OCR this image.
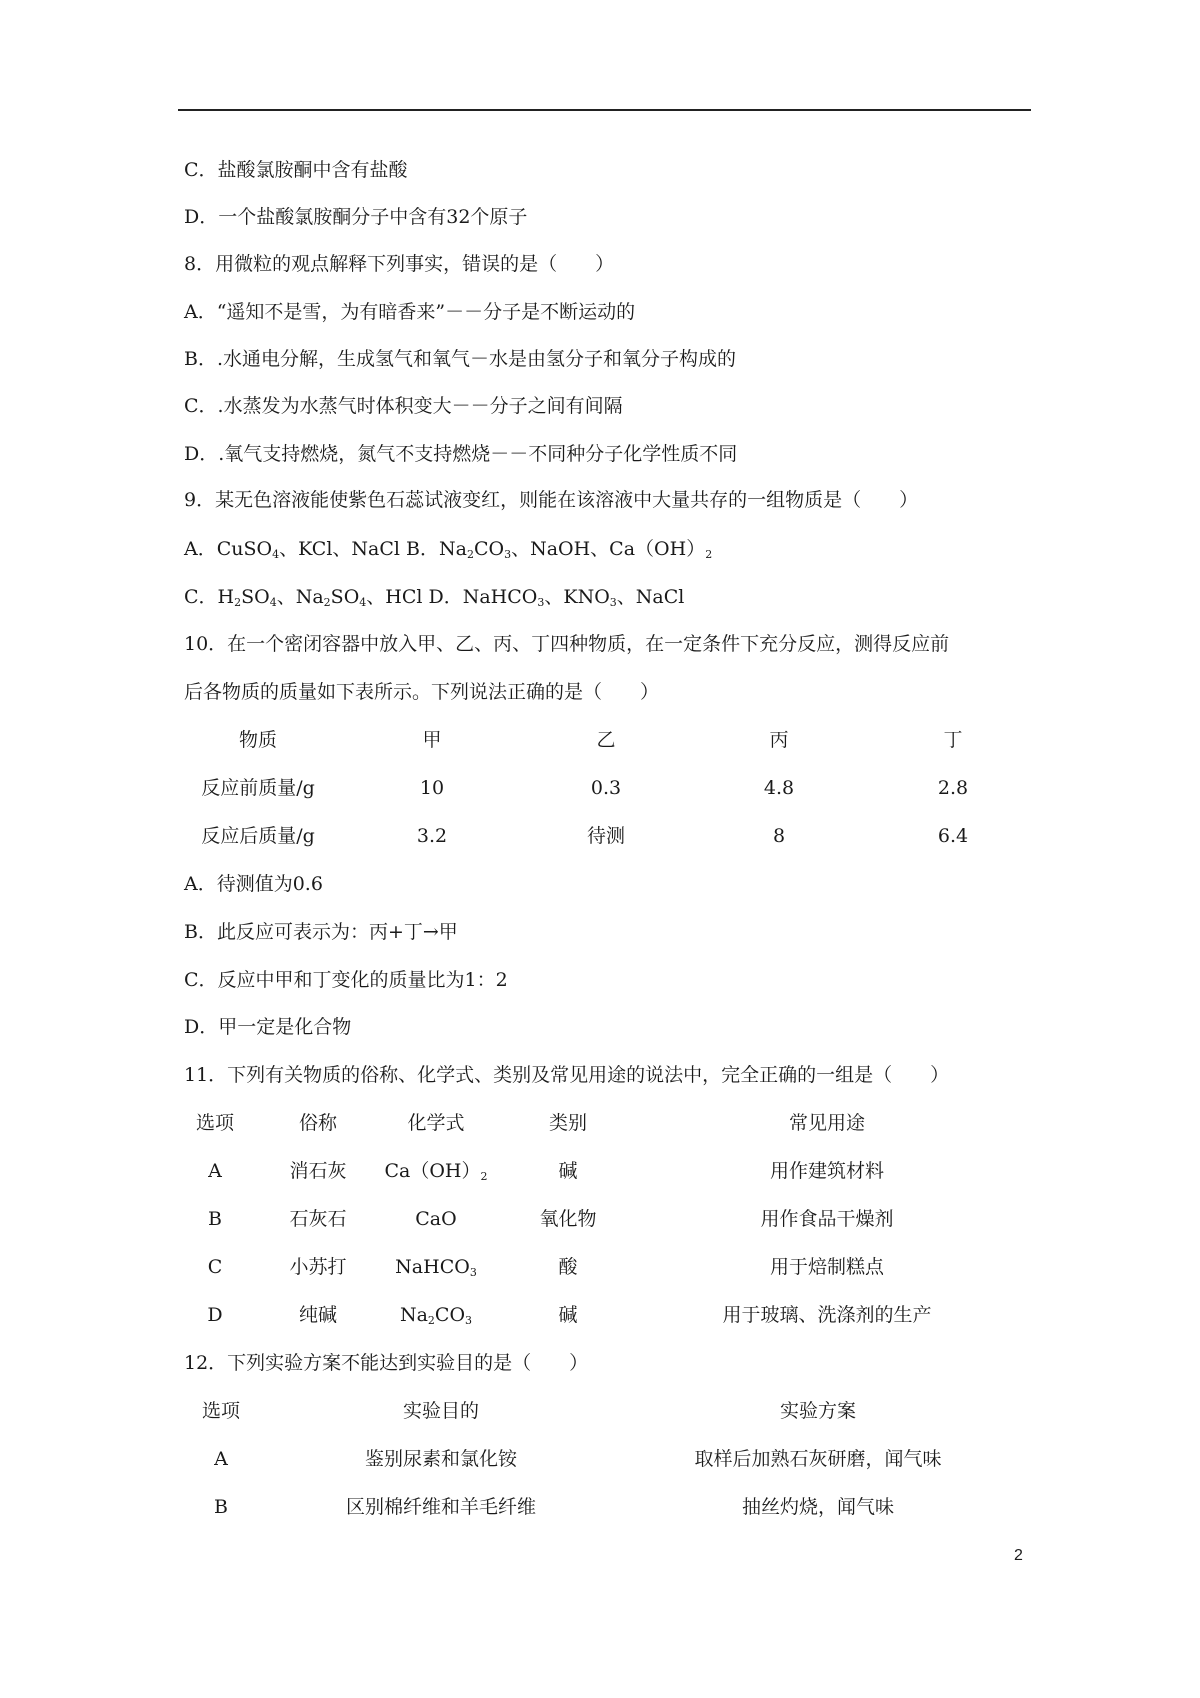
C．盐酸氯胺酮中含有盐酸
D．一个盐酸氯胺酮分子中含有32个原子
8．用微粒的观点解释下列事实，错误的是（　　）
A．“遥知不是雪，为有暗香来”－－分子是不断运动的
B．.水通电分解，生成氢气和氧气－水是由氢分子和氧分子构成的
C．.水蒸发为水蒸气时体积变大－－分子之间有间隔
D．.氧气支持燃烧，氮气不支持燃烧－－不同种分子化学性质不同
9．某无色溶液能使紫色石蕊试液变红，则能在该溶液中大量共存的一组物质是（　　）
A．CuSO$_4$、KCl、NaCl B．$Na_2CO_3$、NaOH、$Ca(OH)_2$
C．$H_2SO_4$、$Na_2SO_4$、HCl D．NaHCO$_3$、$KNO_3$、NaCl
10．在一个密闭容器中放入甲、乙、丙、丁四种物质，在一定条件下充分反应，测得反应前
后各物质的质量如下表所示。下列说法正确的是（　　）
物质	甲	乙	丙	丁
反应前质量/g	10	0.3	4.8	2.8
反应后质量/g	3.2	待测	8	6.4
A．待测值为0.6
B．此反应可表示为：丙+丁→甲
C．反应中甲和丁变化的质量比为1：2
D．甲一定是化合物
11．下列有关物质的俗称、化学式、类别及常见用途的说法中，完全正确的一组是（　　）
选项	俗称	化学式	类别	常见用途
A	消石灰 $Ca(OH)_2$	碱	用作建筑材料
B	石灰石	CaO	氧化物	用作食品干燥剂
C	小苏打	NaHCO$_3$	酸	用于焙制糕点
D	纯碱	$Na_2CO_3$	碱	用于玻璃、洗涤剂的生产
12．下列实验方案不能达到实验目的是（　　）
选项	实验目的	实验方案
A	鉴别尿素和氯化铵	取样后加熟石灰研磨，闻气味
B	区别棉纤维和羊毛纤维	抽丝灼烧，闻气味
2
